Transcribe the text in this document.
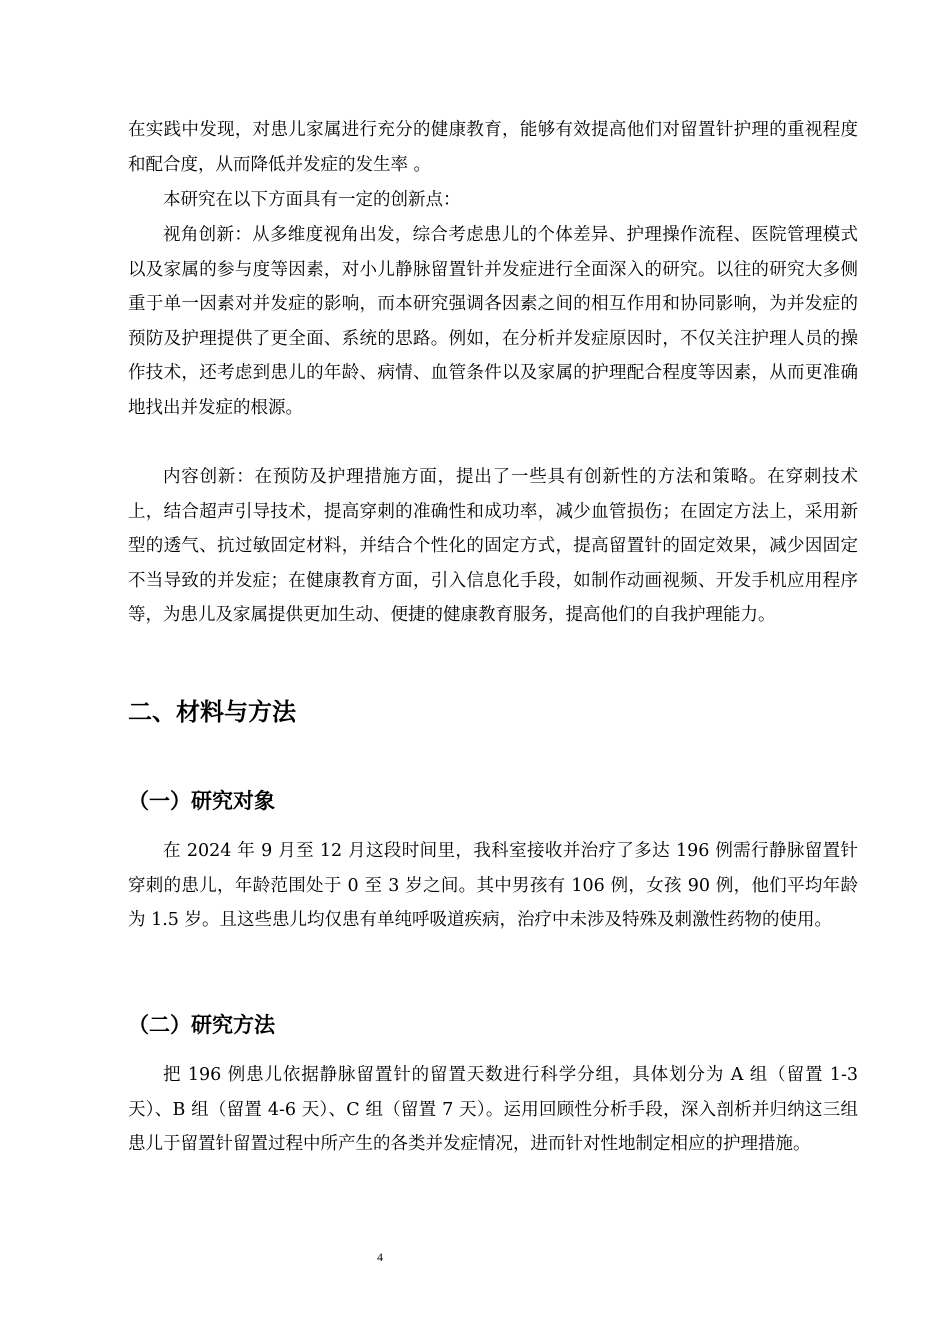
在实践中发现，对患儿家属进行充分的健康教育，能够有效提高他们对留置针护理的重视程度和配合度，从而降低并发症的发生率 。

本研究在以下方面具有一定的创新点：

视角创新：从多维度视角出发，综合考虑患儿的个体差异、护理操作流程、医院管理模式以及家属的参与度等因素，对小儿静脉留置针并发症进行全面深入的研究。以往的研究大多侧重于单一因素对并发症的影响，而本研究强调各因素之间的相互作用和协同影响，为并发症的预防及护理提供了更全面、系统的思路。例如，在分析并发症原因时，不仅关注护理人员的操作技术，还考虑到患儿的年龄、病情、血管条件以及家属的护理配合程度等因素，从而更准确地找出并发症的根源。

内容创新：在预防及护理措施方面，提出了一些具有创新性的方法和策略。在穿刺技术上，结合超声引导技术，提高穿刺的准确性和成功率，减少血管损伤；在固定方法上，采用新型的透气、抗过敏固定材料，并结合个性化的固定方式，提高留置针的固定效果，减少因固定不当导致的并发症；在健康教育方面，引入信息化手段，如制作动画视频、开发手机应用程序等，为患儿及家属提供更加生动、便捷的健康教育服务，提高他们的自我护理能力。

二、材料与方法
（一）研究对象

在 2024 年 9 月至 12 月这段时间里，我科室接收并治疗了多达 196 例需行静脉留置针穿刺的患儿，年龄范围处于 0 至 3 岁之间。其中男孩有 106 例，女孩 90 例，他们平均年龄为 1.5 岁。且这些患儿均仅患有单纯呼吸道疾病，治疗中未涉及特殊及刺激性药物的使用。

（二）研究方法

把 196 例患儿依据静脉留置针的留置天数进行科学分组，具体划分为 A 组（留置 1-3 天）、B 组（留置 4-6 天）、C 组（留置 7 天）。运用回顾性分析手段，深入剖析并归纳这三组患儿于留置针留置过程中所产生的各类并发症情况，进而针对性地制定相应的护理措施。

4
